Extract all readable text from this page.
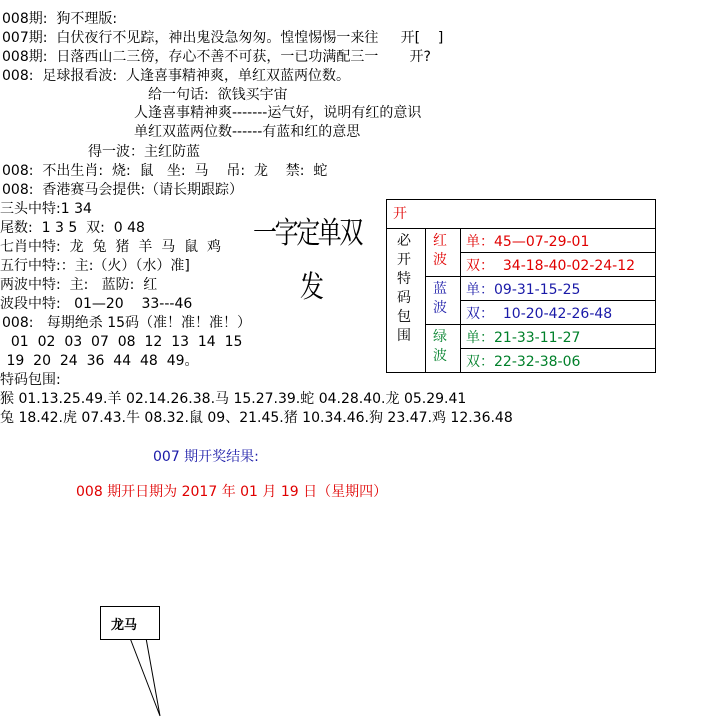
008期:  狗不理版:
007期:  白伏夜行不见踪，神出鬼没急匆匆。惶惶惕惕一来往     开[    ]
008期:  日落西山二三傍，存心不善不可获，一已功满配三一       开?
008:  足球报看波:  人逢喜事精神爽，单红双蓝两位数。
给一句话:  欲钱买宇宙
人逢喜事精神爽-------运气好，说明有红的意识
单红双蓝两位数------有蓝和红的意思
得一波：主红防蓝
008:  不出生肖:  烧:  鼠   坐:  马    吊:  龙    禁:  蛇
008:  香港赛马会提供:（请长期跟踪）
三头中特:1 34
尾数:  1 3 5  双:  0 48
七肖中特:  龙  兔  猪  羊  马  鼠  鸡
五行中特:：主:（火）（水）准]
两波中特:  主:   蓝防:  红
波段中特:   01—20    33---46
008:   每期绝杀 15码（准！准！准！）
01  02  03  07  08  12  13  14  15
19  20  24  36  44  48  49。
特码包围:
猴 01.13.25.49.羊 02.14.26.38.马 15.27.39.蛇 04.28.40.龙 05.29.41
兔 18.42.虎 07.43.牛 08.32.鼠 09、21.45.猪 10.34.46.狗 23.47.鸡 12.36.48
007 期开奖结果:
008 期开日期为 2017 年 01 月 19 日（星期四）
一字定单双
发
开
必
开
特
码
包
围
红
波
单：45—07-29-01
双：  34-18-40-02-24-12
蓝
波
单：09-31-15-25
双：  10-20-42-26-48
绿
波
单：21-33-11-27
双：22-32-38-06
龙马
